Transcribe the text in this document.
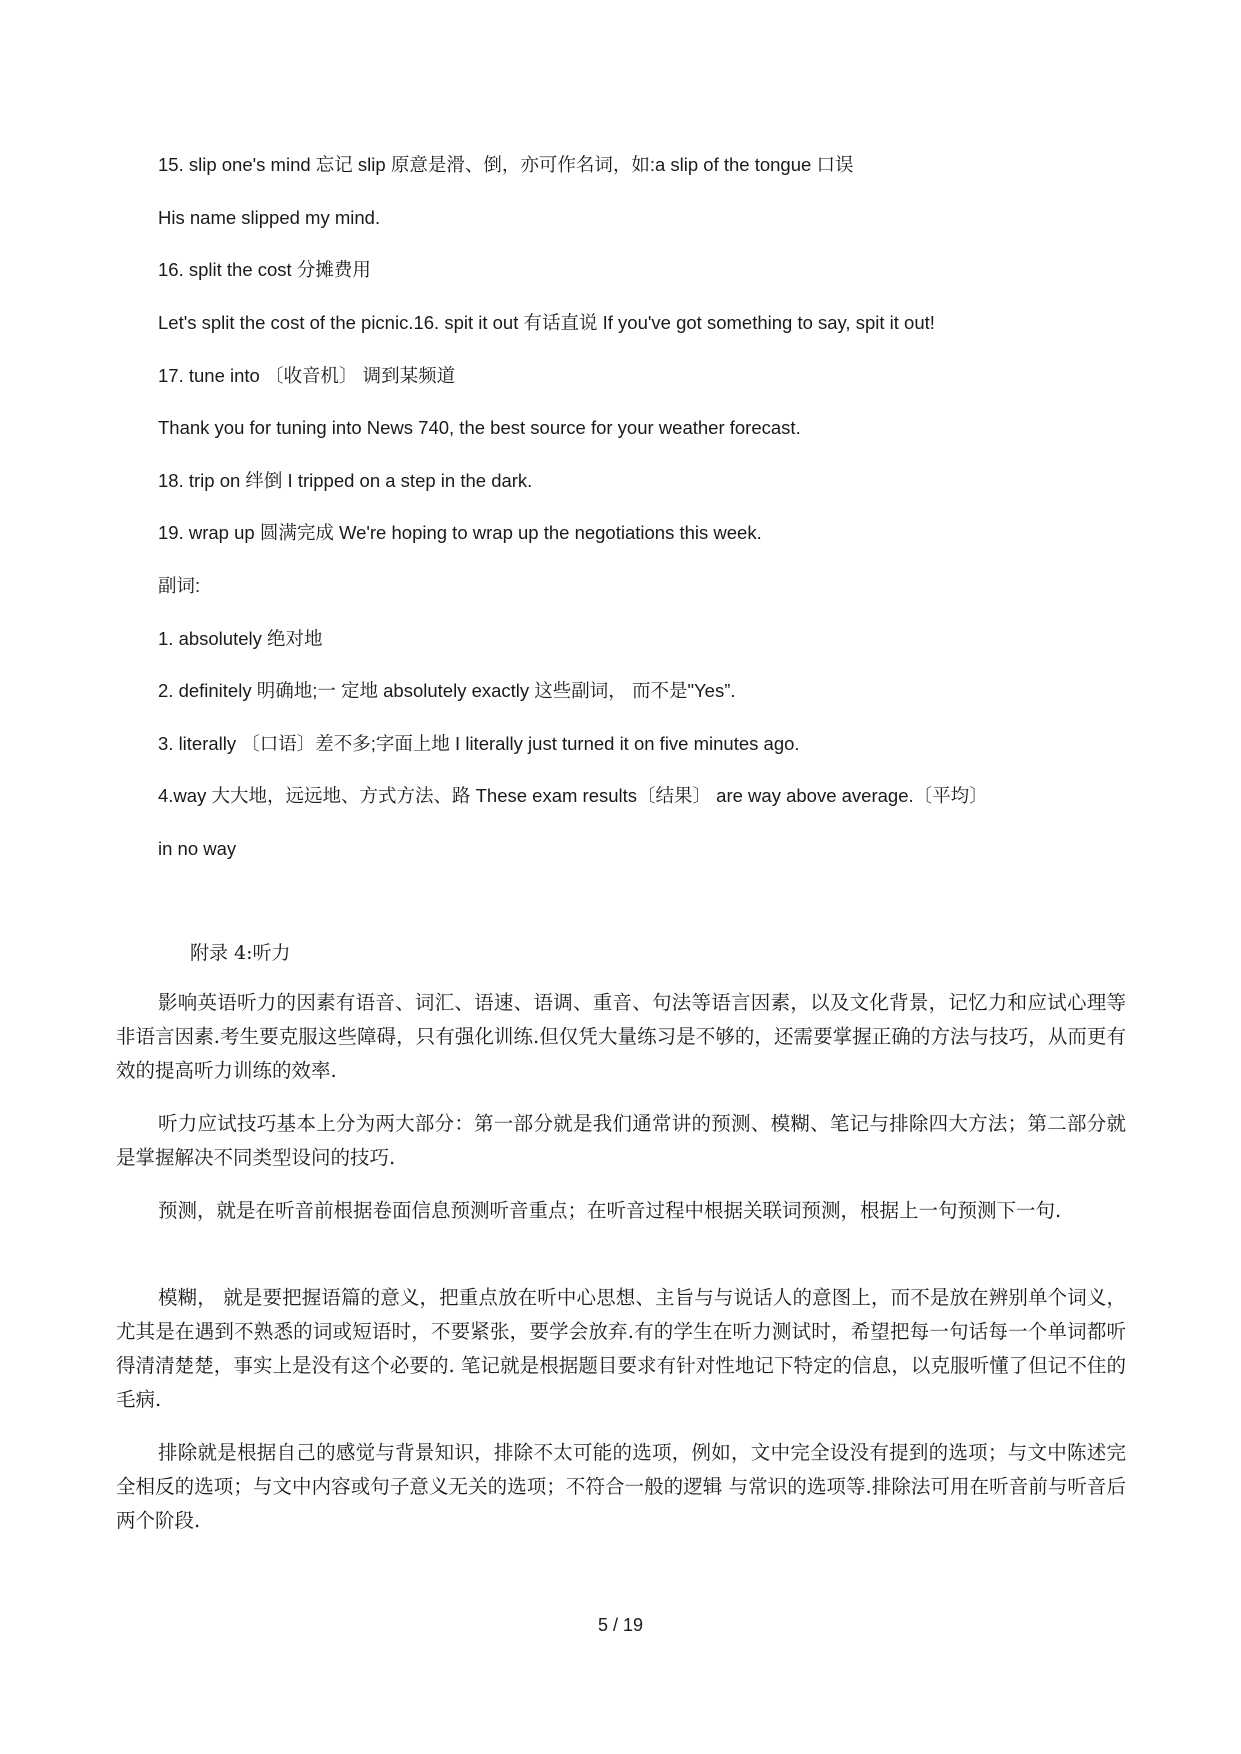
15. slip one's mind 忘记 slip 原意是滑、倒，亦可作名词，如:a slip of the tongue 口误
His name slipped my mind.
16. split the cost 分摊费用
Let's split the cost of the picnic.16. spit it out 有话直说 If you've got something to say, spit it out!
17. tune into 〔收音机〕 调到某频道
Thank you for tuning into News 740, the best source for your weather forecast.
18. trip on 绊倒 I tripped on a step in the dark.
19. wrap up 圆满完成 We're hoping to wrap up the negotiations this week.
副词:
1. absolutely 绝对地
2. definitely 明确地;一 定地 absolutely exactly 这些副词， 而不是"Yes”.
3. literally 〔口语〕差不多;字面上地 I literally just turned it on five minutes ago.
4.way 大大地，远远地、方式方法、路 These exam results〔结果〕 are way above average.〔平均〕
in no way
附录 4:听力

影响英语听力的因素有语音、词汇、语速、语调、重音、句法等语言因素，以及文化背景，记忆力和应试心理等非语言因素.考生要克服这些障碍，只有强化训练.但仅凭大量练习是不够的，还需要掌握正确的方法与技巧，从而更有效的提高听力训练的效率.

听力应试技巧基本上分为两大部分：第一部分就是我们通常讲的预测、模糊、笔记与排除四大方法；第二部分就是掌握解决不同类型设问的技巧.

预测，就是在听音前根据卷面信息预测听音重点；在听音过程中根据关联词预测，根据上一句预测下一句.

模糊， 就是要把握语篇的意义，把重点放在听中心思想、主旨与与说话人的意图上，而不是放在辨别单个词义，尤其是在遇到不熟悉的词或短语时，不要紧张，要学会放弃.有的学生在听力测试时，希望把每一句话每一个单词都听得清清楚楚，事实上是没有这个必要的. 笔记就是根据题目要求有针对性地记下特定的信息，以克服听懂了但记不住的毛病.

排除就是根据自己的感觉与背景知识，排除不太可能的选项，例如，文中完全设没有提到的选项；与文中陈述完全相反的选项；与文中内容或句子意义无关的选项；不符合一般的逻辑 与常识的选项等.排除法可用在听音前与听音后两个阶段.

5 / 19
